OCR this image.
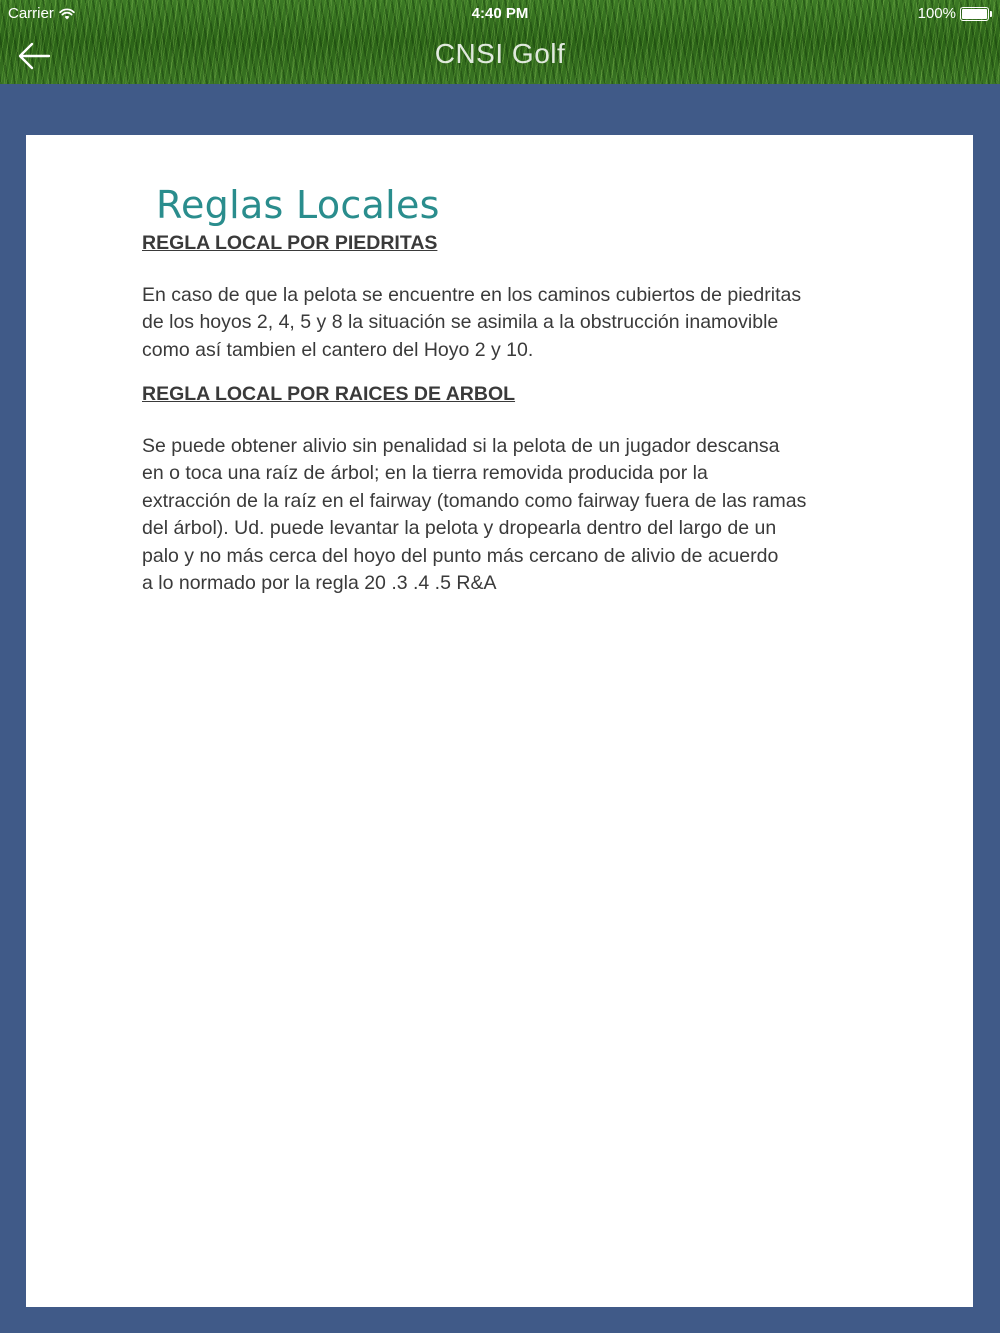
Carrier	4:40 PM	100%
CNSI Golf
Reglas Locales
REGLA LOCAL POR PIEDRITAS

En caso de que la pelota se encuentre en los caminos cubiertos de piedritas
de los hoyos 2, 4, 5 y 8 la situación se asimila a la obstrucción inamovible
como así tambien el cantero del Hoyo 2 y 10.

REGLA LOCAL POR RAICES DE ARBOL

Se puede obtener alivio sin penalidad si la pelota de un jugador descansa
en o toca una raíz de árbol; en la tierra removida producida por la
extracción de la raíz en el fairway (tomando como fairway fuera de las ramas
del árbol). Ud. puede levantar la pelota y dropearla dentro del largo de un
palo y no más cerca del hoyo del punto más cercano de alivio de acuerdo
a lo normado por la regla 20 .3 .4 .5 R&A
